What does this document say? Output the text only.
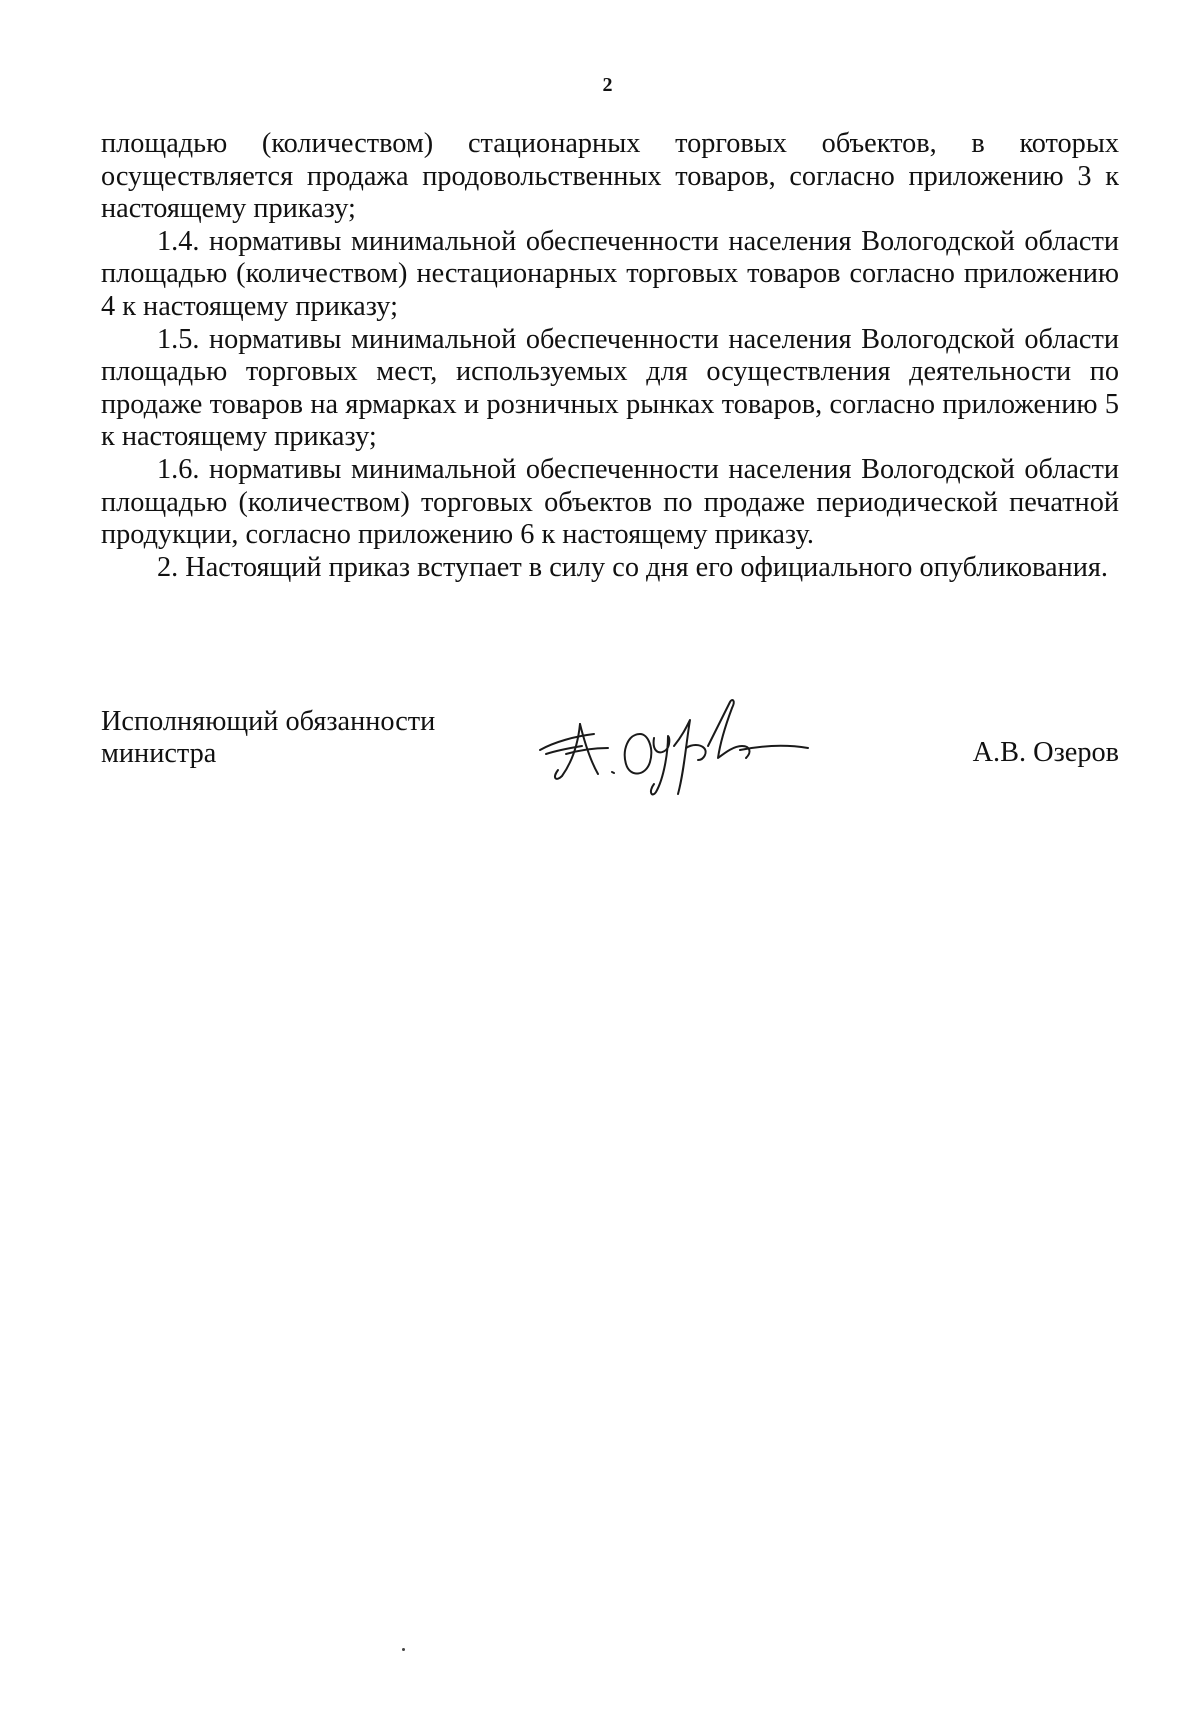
2

площадью (количеством) стационарных торговых объектов, в которых осуществляется продажа продовольственных товаров, согласно приложению 3 к настоящему приказу;

1.4. нормативы минимальной обеспеченности населения Вологодской области площадью (количеством) нестационарных торговых товаров согласно приложению 4 к настоящему приказу;

1.5. нормативы минимальной обеспеченности населения Вологодской области площадью торговых мест, используемых для осуществления деятельности по продаже товаров на ярмарках и розничных рынках товаров, согласно приложению 5 к настоящему приказу;

1.6. нормативы минимальной обеспеченности населения Вологодской области площадью (количеством) торговых объектов по продаже периодической печатной продукции, согласно приложению 6 к настоящему приказу.

2. Настоящий приказ вступает в силу со дня его официального опубликования.

Исполняющий обязанности
министра	А.В. Озеров
